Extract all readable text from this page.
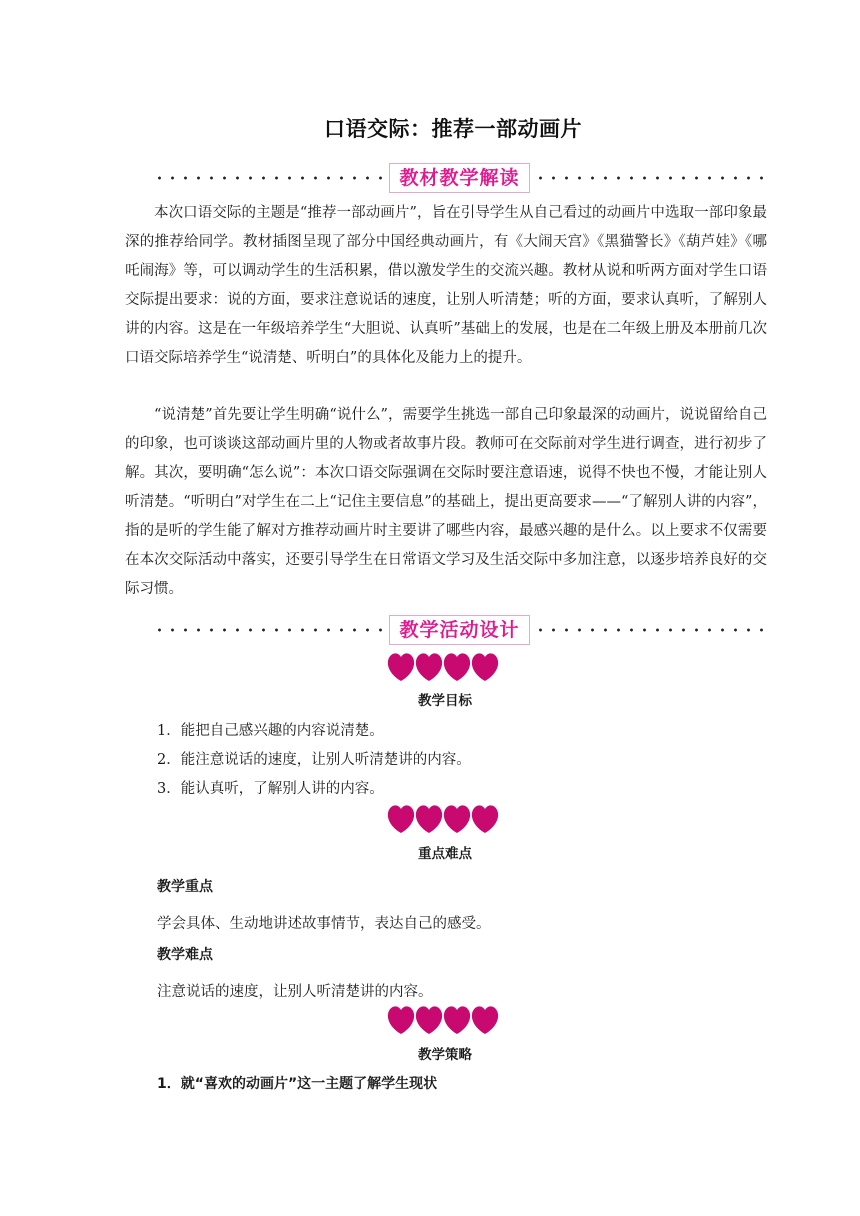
口语交际：推荐一部动画片
教材教学解读

本次口语交际的主题是“推荐一部动画片”，旨在引导学生从自己看过的动画片中选取一部印象最深的推荐给同学。教材插图呈现了部分中国经典动画片，有《大闹天宫》《黑猫警长》《葫芦娃》《哪吒闹海》等，可以调动学生的生活积累，借以激发学生的交流兴趣。教材从说和听两方面对学生口语交际提出要求：说的方面，要求注意说话的速度，让别人听清楚；听的方面，要求认真听，了解别人讲的内容。这是在一年级培养学生“大胆说、认真听”基础上的发展，也是在二年级上册及本册前几次口语交际培养学生“说清楚、听明白”的具体化及能力上的提升。

“说清楚”首先要让学生明确“说什么”，需要学生挑选一部自己印象最深的动画片，说说留给自己的印象，也可谈谈这部动画片里的人物或者故事片段。教师可在交际前对学生进行调查，进行初步了解。其次，要明确“怎么说”：本次口语交际强调在交际时要注意语速，说得不快也不慢，才能让别人听清楚。“听明白”对学生在二上“记住主要信息”的基础上，提出更高要求——“了解别人讲的内容”，指的是听的学生能了解对方推荐动画片时主要讲了哪些内容，最感兴趣的是什么。以上要求不仅需要在本次交际活动中落实，还要引导学生在日常语文学习及生活交际中多加注意，以逐步培养良好的交际习惯。

教学活动设计
教学目标

1．能把自己感兴趣的内容说清楚。

2．能注意说话的速度，让别人听清楚讲的内容。

3．能认真听，了解别人讲的内容。

重点难点

教学重点

学会具体、生动地讲述故事情节，表达自己的感受。

教学难点

注意说话的速度，让别人听清楚讲的内容。

教学策略

1．就“喜欢的动画片”这一主题了解学生现状
